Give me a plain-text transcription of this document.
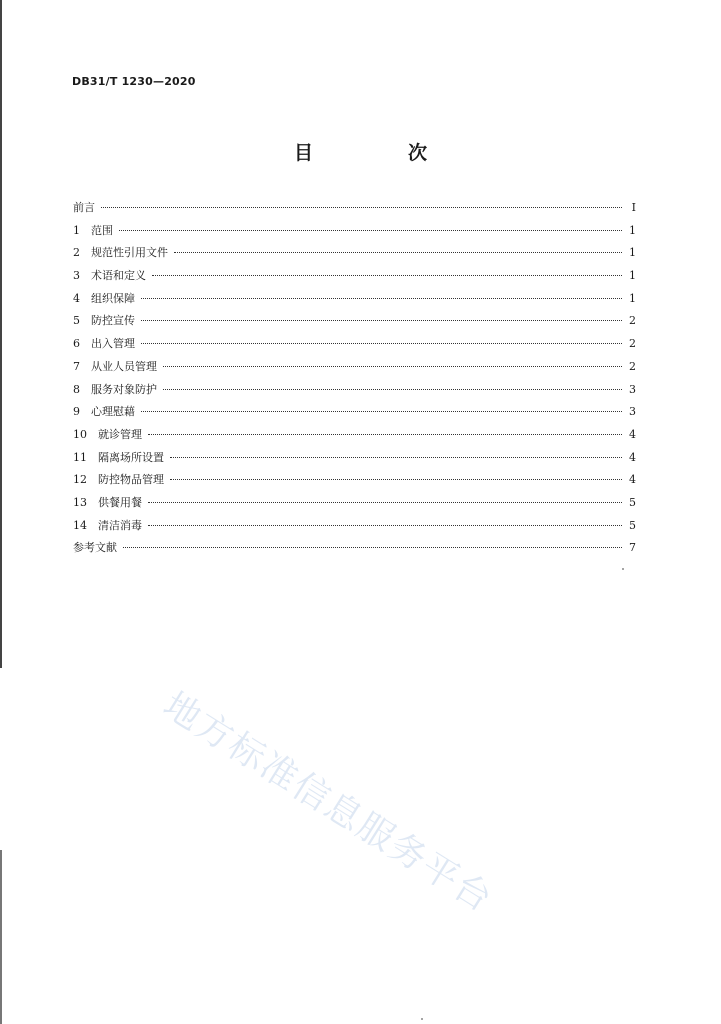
DB31/T 1230—2020
目　次
前言	Ⅰ
1　范围	1
2　规范性引用文件	1
3　术语和定义	1
4　组织保障	1
5　防控宣传	2
6　出入管理	2
7　从业人员管理	2
8　服务对象防护	3
9　心理慰藉	3
10　就诊管理	4
11　隔离场所设置	4
12　防控物品管理	4
13　供餐用餐	5
14　清洁消毒	5
参考文献	7
地方标准信息服务平台
